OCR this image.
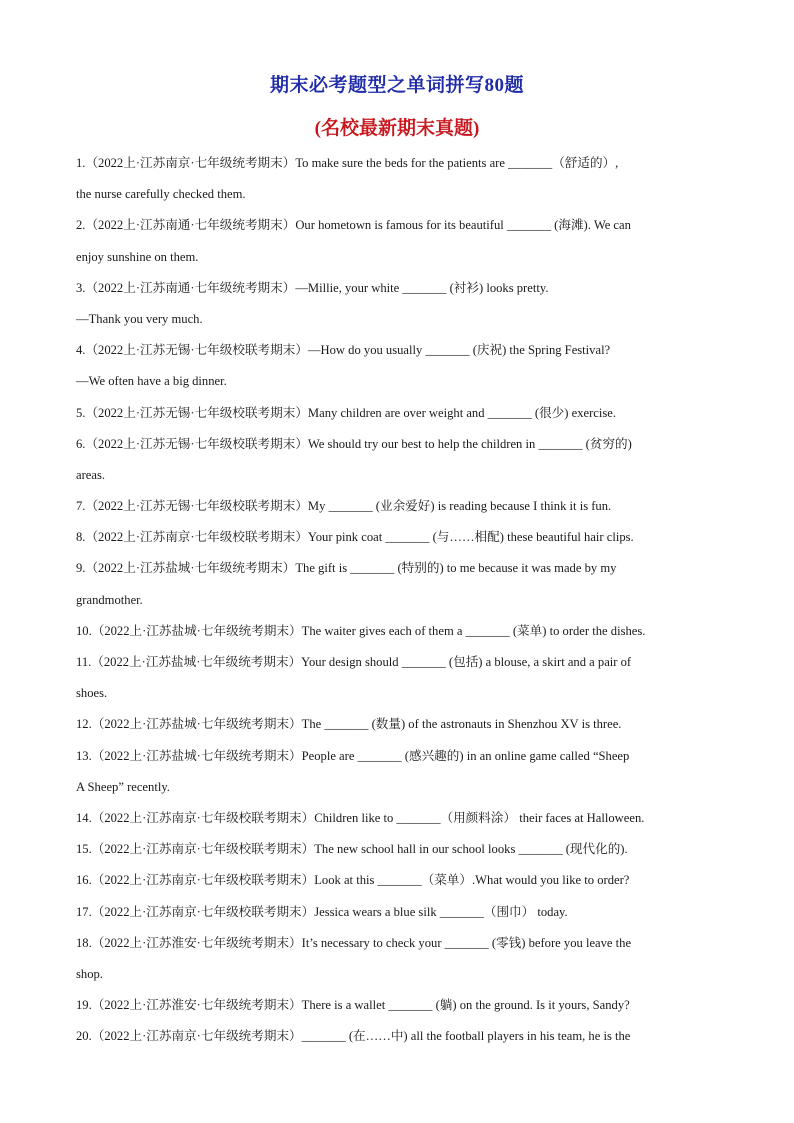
期末必考题型之单词拼写80题
(名校最新期末真题)
1.（2022上·江苏南京·七年级统考期末）To make sure the beds for the patients are _______（舒适的）,
the nurse carefully checked them.
2.（2022上·江苏南通·七年级统考期末）Our hometown is famous for its beautiful _______ (海滩). We can
enjoy sunshine on them.
3.（2022上·江苏南通·七年级统考期末）—Millie, your white _______ (衬衫) looks pretty.
—Thank you very much.
4.（2022上·江苏无锡·七年级校联考期末）—How do you usually _______ (庆祝) the Spring Festival?
—We often have a big dinner.
5.（2022上·江苏无锡·七年级校联考期末）Many children are over weight and _______ (很少) exercise.
6.（2022上·江苏无锡·七年级校联考期末）We should try our best to help the children in _______ (贫穷的)
areas.
7.（2022上·江苏无锡·七年级校联考期末）My _______ (业余爱好) is reading because I think it is fun.
8.（2022上·江苏南京·七年级校联考期末）Your pink coat _______ (与……相配) these beautiful hair clips.
9.（2022上·江苏盐城·七年级统考期末）The gift is _______ (特别的) to me because it was made by my
grandmother.
10.（2022上·江苏盐城·七年级统考期末）The waiter gives each of them a _______ (菜单) to order the dishes.
11.（2022上·江苏盐城·七年级统考期末）Your design should _______ (包括) a blouse, a skirt and a pair of
shoes.
12.（2022上·江苏盐城·七年级统考期末）The _______ (数量) of the astronauts in Shenzhou XV is three.
13.（2022上·江苏盐城·七年级统考期末）People are _______ (感兴趣的) in an online game called “Sheep
A Sheep” recently.
14.（2022上·江苏南京·七年级校联考期末）Children like to _______（用颜料涂） their faces at Halloween.
15.（2022上·江苏南京·七年级校联考期末）The new school hall in our school looks _______ (现代化的).
16.（2022上·江苏南京·七年级校联考期末）Look at this _______（菜单）.What would you like to order?
17.（2022上·江苏南京·七年级校联考期末）Jessica wears a blue silk _______（围巾） today.
18.（2022上·江苏淮安·七年级统考期末）It’s necessary to check your _______ (零钱) before you leave the
shop.
19.（2022上·江苏淮安·七年级统考期末）There is a wallet _______ (躺) on the ground. Is it yours, Sandy?
20.（2022上·江苏南京·七年级统考期末）_______ (在……中) all the football players in his team, he is the
